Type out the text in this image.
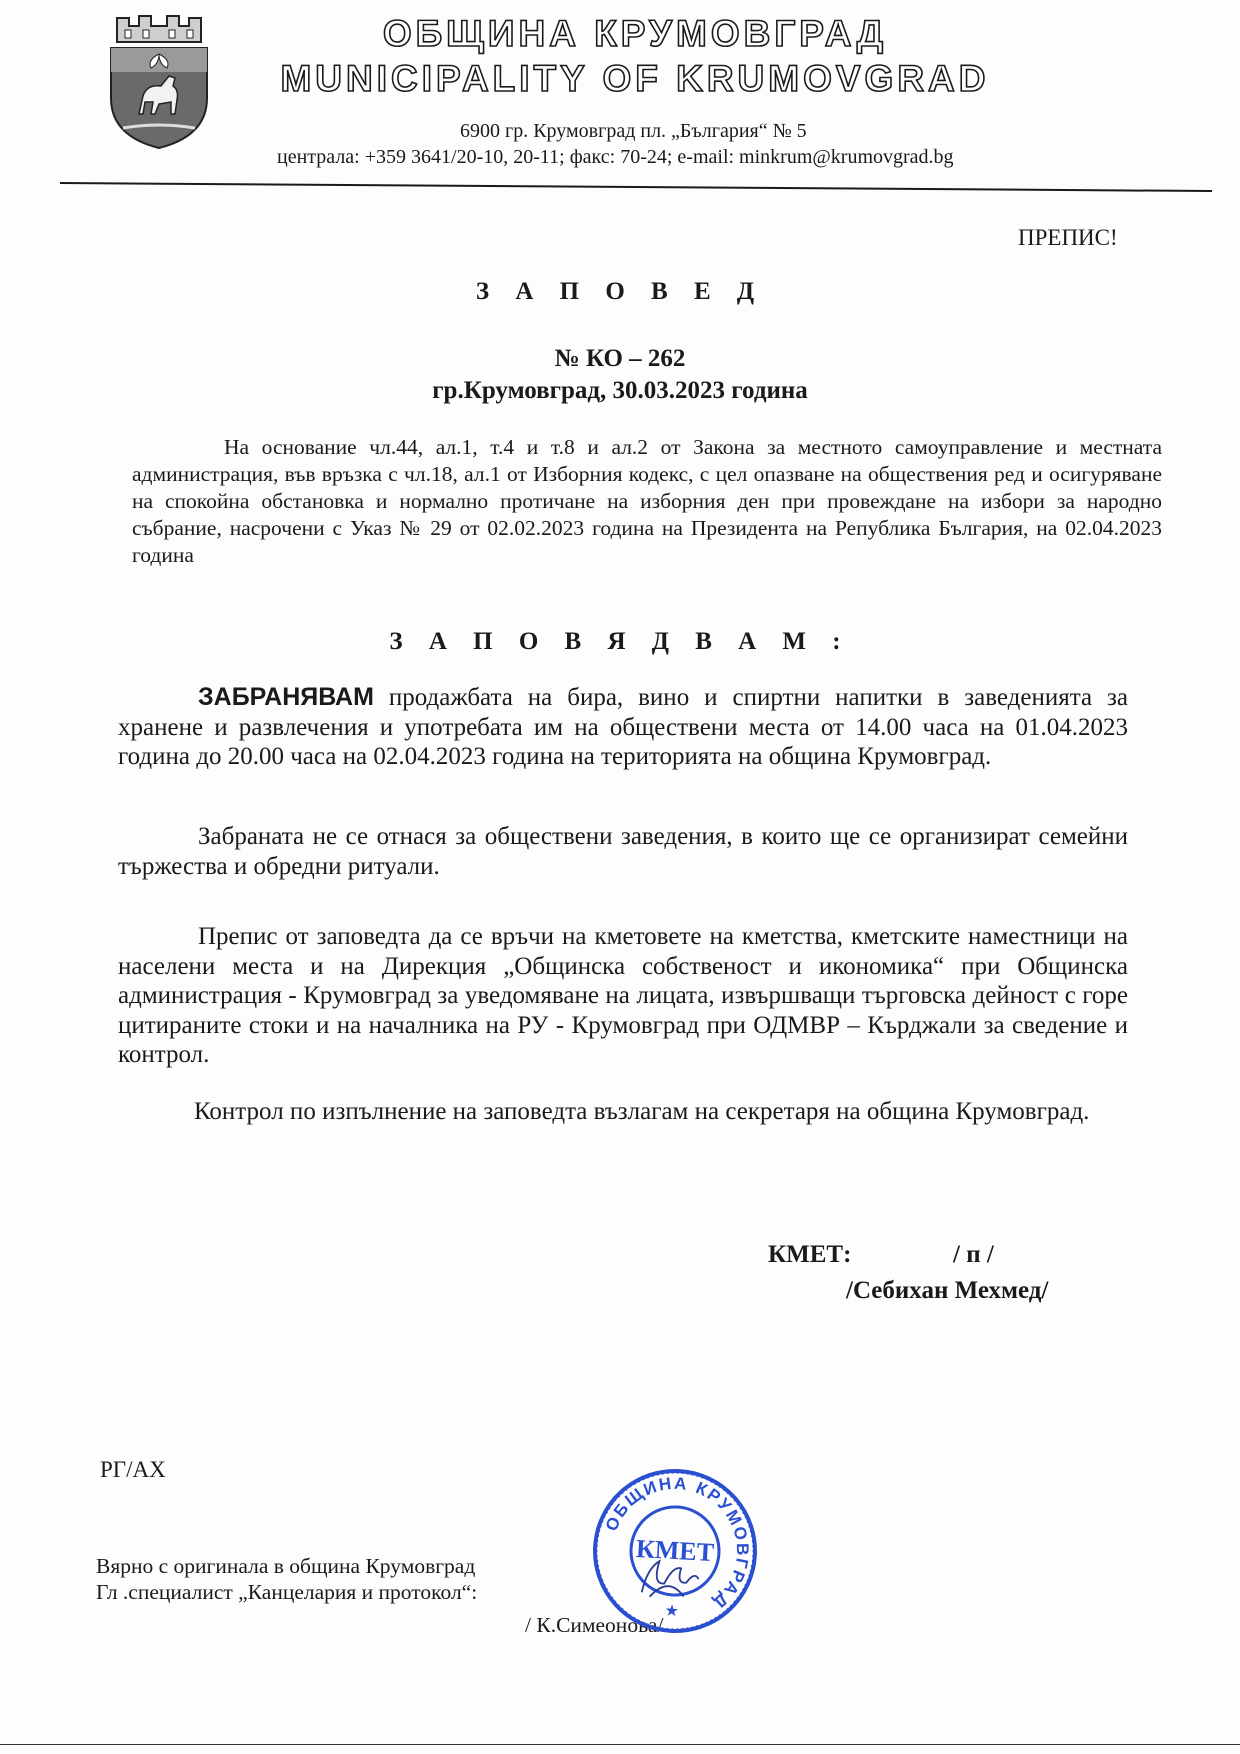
ОБЩИНА КРУМОВГРАД
MUNICIPALITY OF KRUMOVGRAD
6900 гр. Крумовград пл. „България“ № 5
централа: +359 3641/20-10, 20-11; факс: 70-24; e-mail: minkrum@krumovgrad.bg
ПРЕПИС!
З А П О В Е Д
№ КО – 262
гр.Крумовград, 30.03.2023 година
На основание чл.44, ал.1, т.4 и т.8 и ал.2 от Закона за местното самоуправление и местната администрация, във връзка с чл.18, ал.1 от Изборния кодекс, с цел опазване на обществения ред и осигуряване на спокойна обстановка и нормално протичане на изборния ден при провеждане на избори за народно събрание, насрочени с Указ № 29 от 02.02.2023 година на Президента на Република България, на 02.04.2023 година
З А П О В Я Д В А М :
ЗАБРАНЯВАМ продажбата на бира, вино и спиртни напитки в заведенията за хранене и развлечения и употребата им на обществени места от 14.00 часа на 01.04.2023 година до 20.00 часа на 02.04.2023 година на територията на община Крумовград.
Забраната не се отнася за обществени заведения, в които ще се организират семейни тържества и обредни ритуали.
Препис от заповедта да се връчи на кметовете на кметства, кметските наместници на населени места и на Дирекция „Общинска собственост и икономика“ при Общинска администрация - Крумовград за уведомяване на лицата, извършващи търговска дейност с горе цитираните стоки и на началника на РУ - Крумовград при ОДМВР – Кърджали за сведение и контрол.
Контрол по изпълнение на заповедта възлагам на секретаря на община Крумовград.
КМЕТ:	/ п /
/Себихан Мехмед/
РГ/АХ
Вярно с оригинала в община Крумовград
Гл .специалист „Канцелария и протокол“:
/ К.Симеонова/
ОБЩИНА КРУМОВГРАД
КМЕТ
★
